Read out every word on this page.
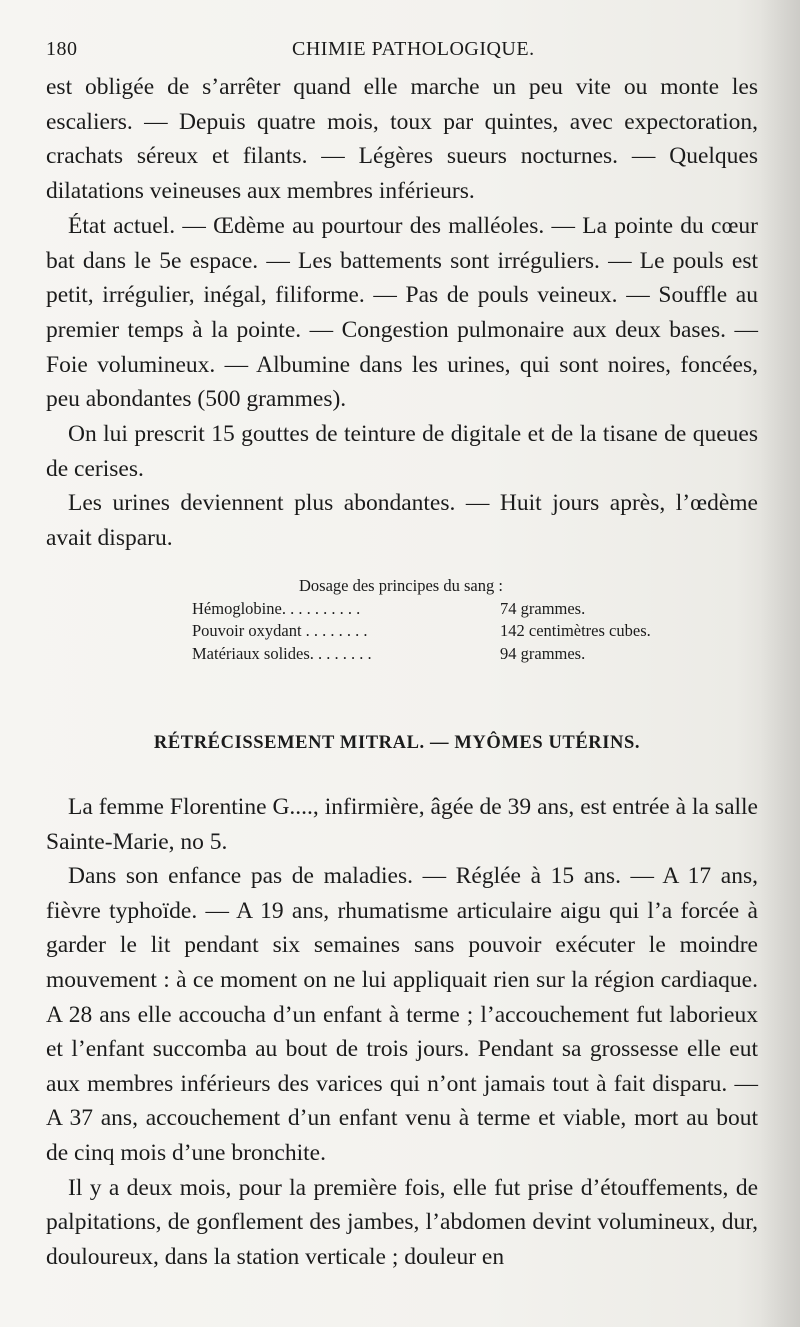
180	CHIMIE PATHOLOGIQUE.

est obligée de s’arrêter quand elle marche un peu vite ou monte les escaliers. — Depuis quatre mois, toux par quintes, avec expectoration, crachats séreux et filants. — Légères sueurs nocturnes. — Quelques dilatations veineuses aux membres inférieurs.

État actuel. — Œdème au pourtour des malléoles. — La pointe du cœur bat dans le 5e espace. — Les battements sont irréguliers. — Le pouls est petit, irrégulier, inégal, filiforme. — Pas de pouls veineux. — Souffle au premier temps à la pointe. — Congestion pulmonaire aux deux bases. — Foie volumineux. — Albumine dans les urines, qui sont noires, foncées, peu abondantes (500 grammes).

On lui prescrit 15 gouttes de teinture de digitale et de la tisane de queues de cerises.

Les urines deviennent plus abondantes. — Huit jours après, l’œdème avait disparu.

Dosage des principes du sang :
Hémoglobine. . . . . . . . . .	74 grammes.
Pouvoir oxydant . . . . . . . .	142 centimètres cubes.
Matériaux solides. . . . . . . .	94 grammes.
RÉTRÉCISSEMENT MITRAL. — MYÔMES UTÉRINS.

La femme Florentine G...., infirmière, âgée de 39 ans, est entrée à la salle Sainte-Marie, no 5.

Dans son enfance pas de maladies. — Réglée à 15 ans. — A 17 ans, fièvre typhoïde. — A 19 ans, rhumatisme articulaire aigu qui l’a forcée à garder le lit pendant six semaines sans pouvoir exécuter le moindre mouvement : à ce moment on ne lui appliquait rien sur la région cardiaque. A 28 ans elle accoucha d’un enfant à terme ; l’accouchement fut laborieux et l’enfant succomba au bout de trois jours. Pendant sa grossesse elle eut aux membres inférieurs des varices qui n’ont jamais tout à fait disparu. — A 37 ans, accouchement d’un enfant venu à terme et viable, mort au bout de cinq mois d’une bronchite.

Il y a deux mois, pour la première fois, elle fut prise d’étouffements, de palpitations, de gonflement des jambes, l’abdomen devint volumineux, dur, douloureux, dans la station verticale ; douleur en
